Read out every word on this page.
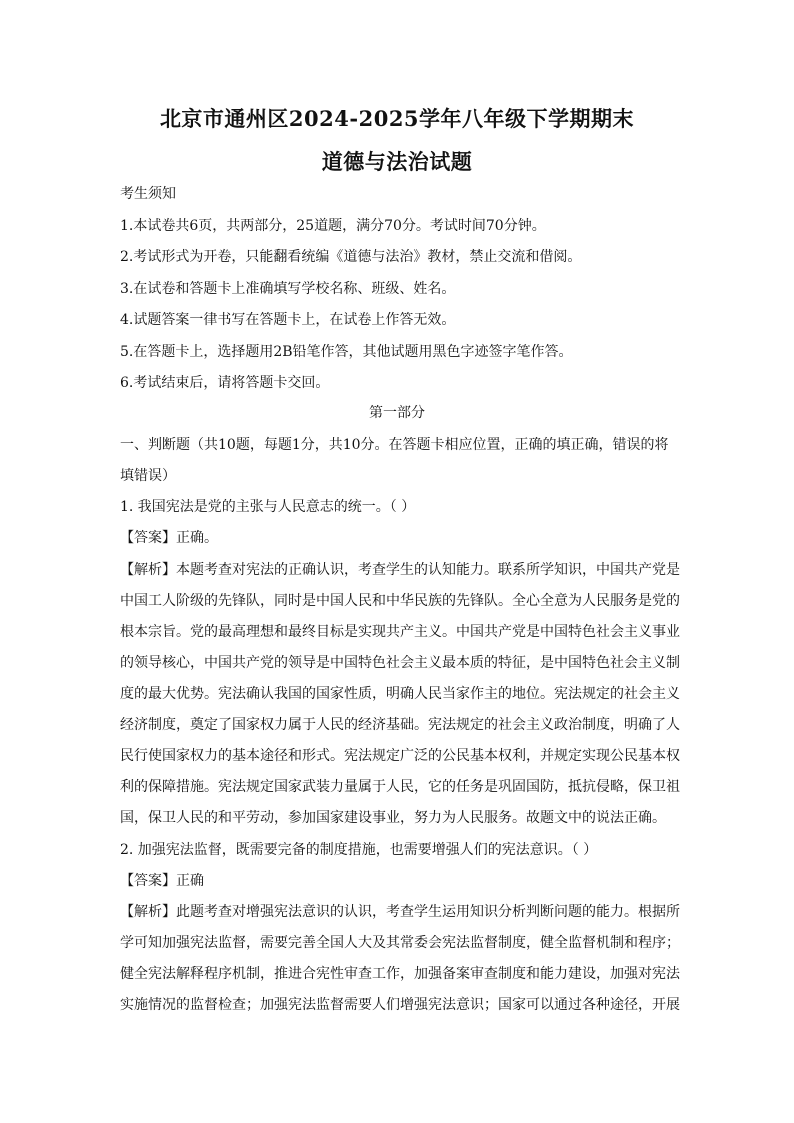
北京市通州区2024-2025学年八年级下学期期末
道德与法治试题
考生须知
1.本试卷共6页，共两部分，25道题，满分70分。考试时间70分钟。
2.考试形式为开卷，只能翻看统编《道德与法治》教材，禁止交流和借阅。
3.在试卷和答题卡上准确填写学校名称、班级、姓名。
4.试题答案一律书写在答题卡上，在试卷上作答无效。
5.在答题卡上，选择题用2B铅笔作答，其他试题用黑色字迹签字笔作答。
6.考试结束后，请将答题卡交回。
第一部分
一、判断题（共10题，每题1分，共10分。在答题卡相应位置，正确的填正确，错误的将
填错误）
1. 我国宪法是党的主张与人民意志的统一。（ ）
【答案】正确。
【解析】本题考查对宪法的正确认识，考查学生的认知能力。联系所学知识，中国共产党是
中国工人阶级的先锋队，同时是中国人民和中华民族的先锋队。全心全意为人民服务是党的
根本宗旨。党的最高理想和最终目标是实现共产主义。中国共产党是中国特色社会主义事业
的领导核心，中国共产党的领导是中国特色社会主义最本质的特征，是中国特色社会主义制
度的最大优势。宪法确认我国的国家性质，明确人民当家作主的地位。宪法规定的社会主义
经济制度，奠定了国家权力属于人民的经济基础。宪法规定的社会主义政治制度，明确了人
民行使国家权力的基本途径和形式。宪法规定广泛的公民基本权利，并规定实现公民基本权
利的保障措施。宪法规定国家武装力量属于人民，它的任务是巩固国防，抵抗侵略，保卫祖
国，保卫人民的和平劳动，参加国家建设事业，努力为人民服务。故题文中的说法正确。
2. 加强宪法监督，既需要完备的制度措施，也需要增强人们的宪法意识。（ ）
【答案】正确
【解析】此题考查对增强宪法意识的认识，考查学生运用知识分析判断问题的能力。根据所
学可知加强宪法监督，需要完善全国人大及其常委会宪法监督制度，健全监督机制和程序；
健全宪法解释程序机制，推进合宪性审查工作，加强备案审查制度和能力建设，加强对宪法
实施情况的监督检查；加强宪法监督需要人们增强宪法意识；国家可以通过各种途径，开展
